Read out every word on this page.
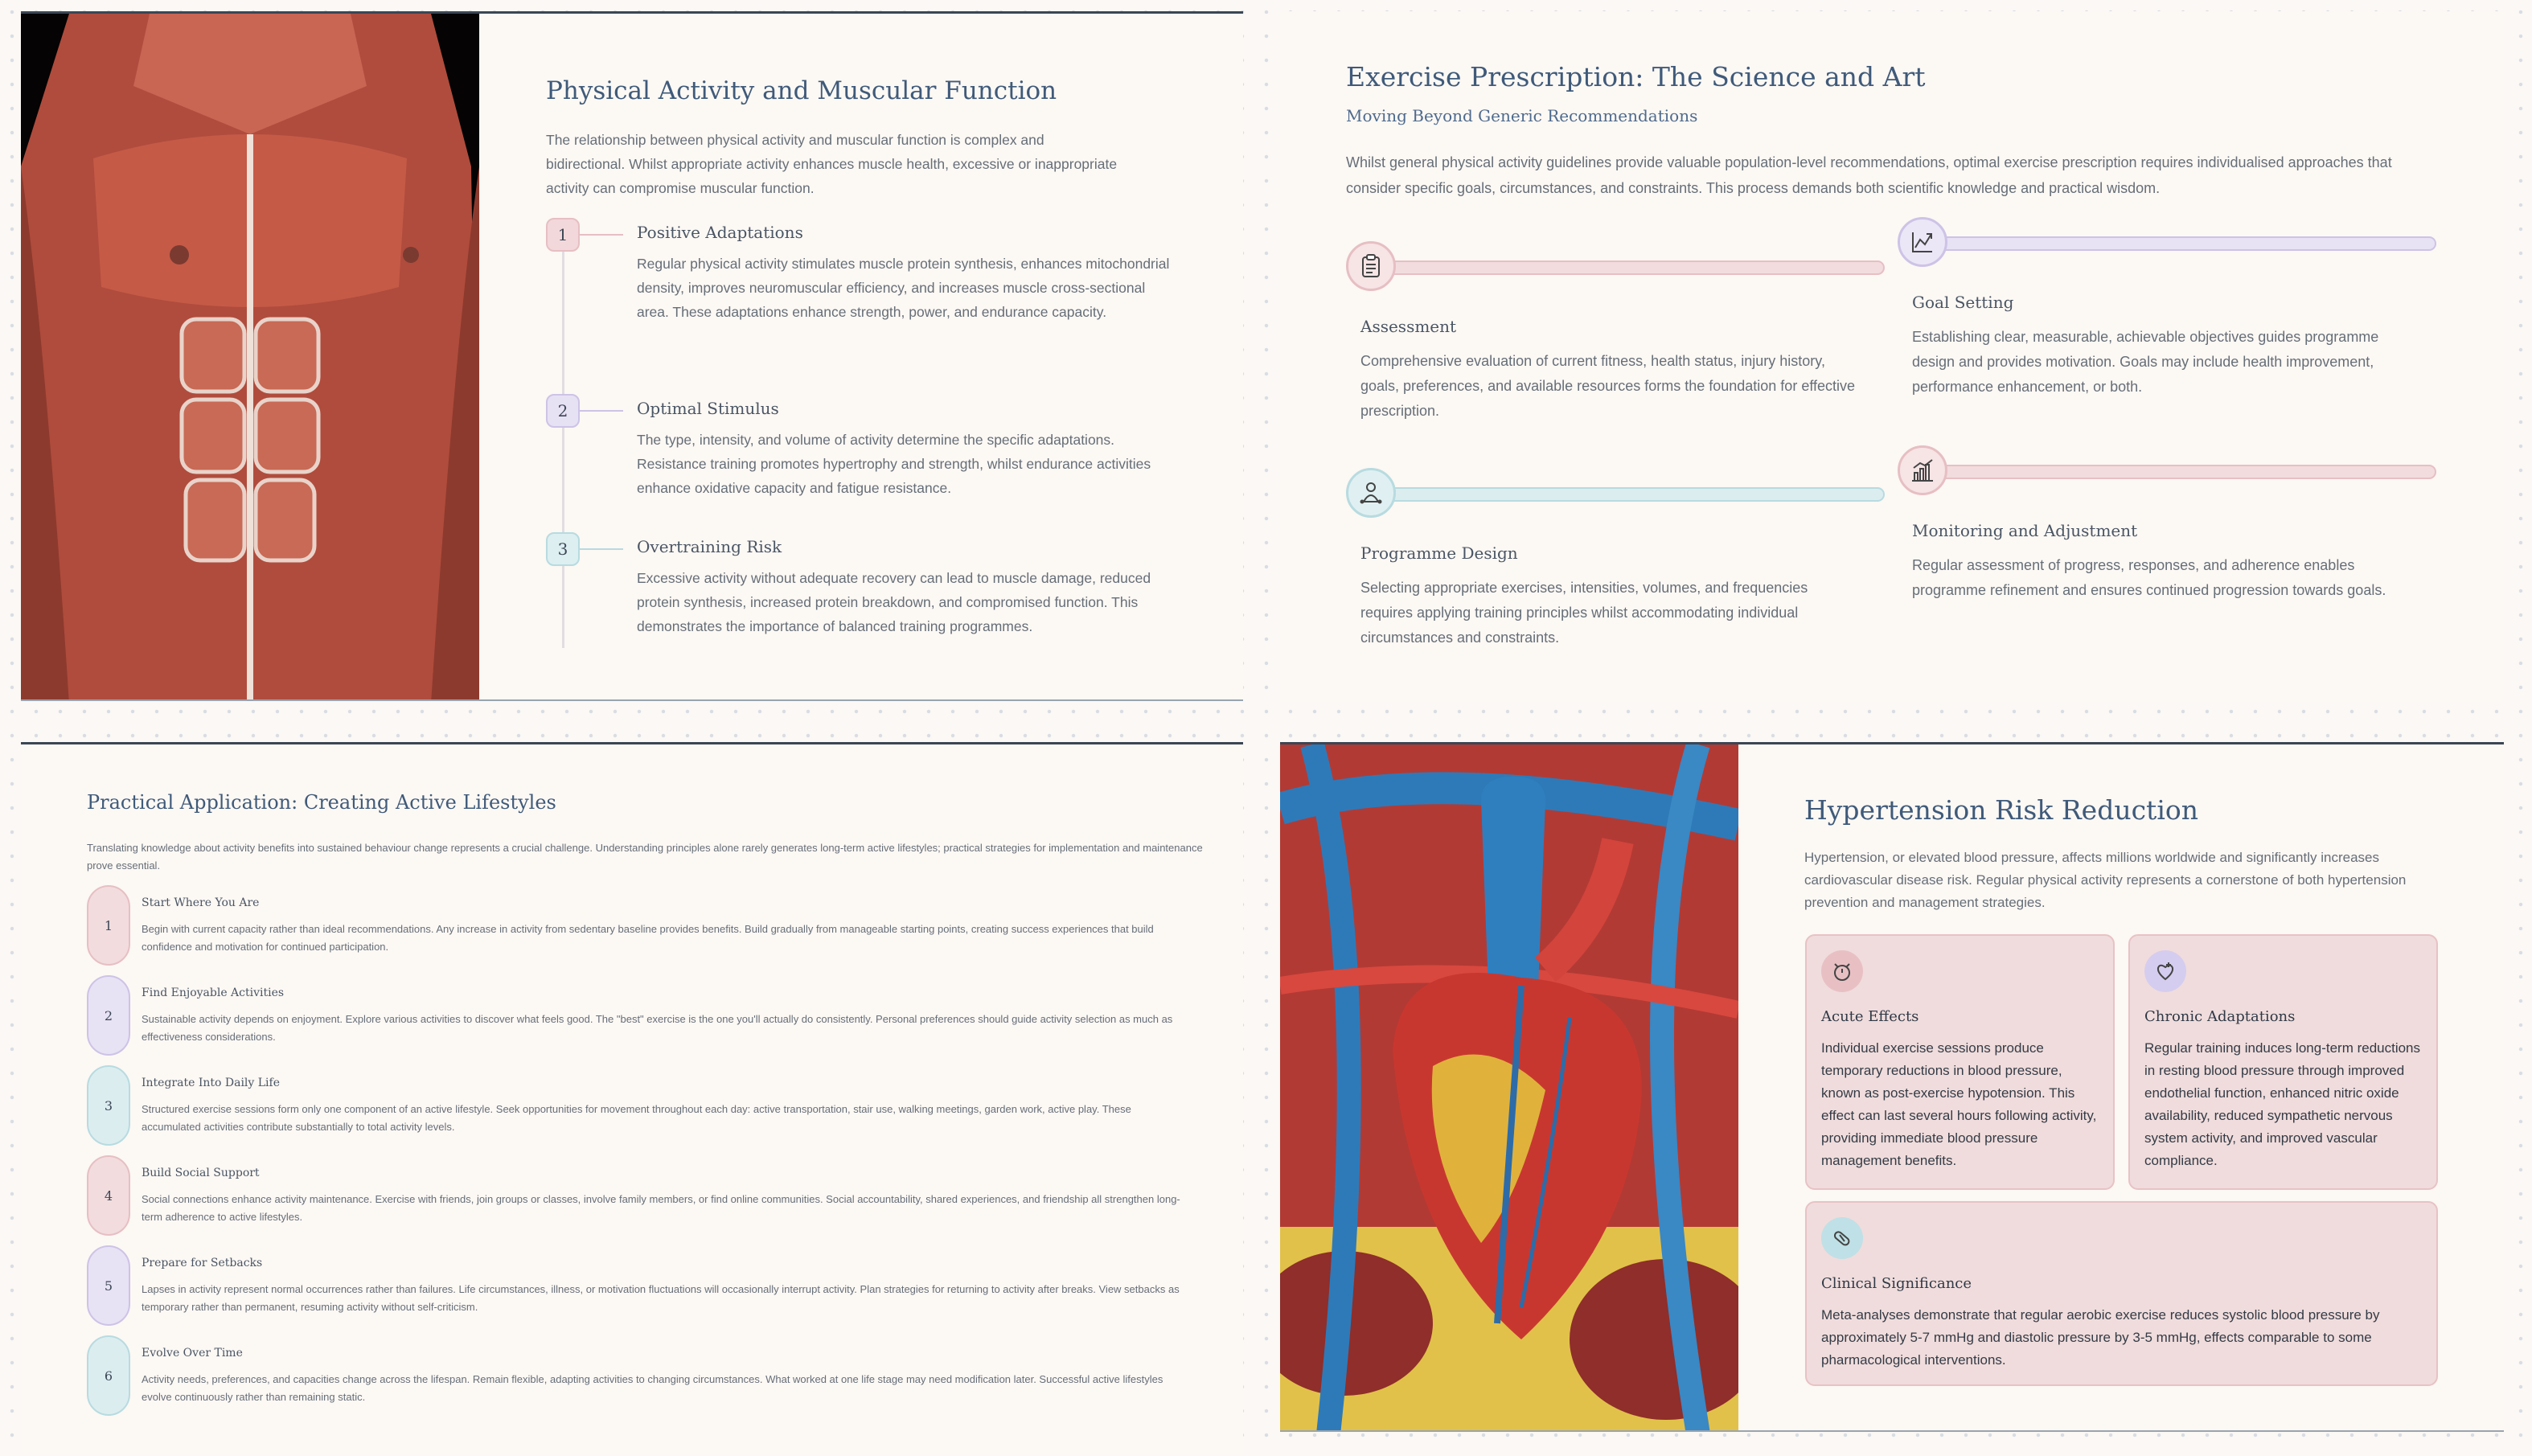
Physical Activity and Muscular Function

The relationship between physical activity and muscular function is complex and bidirectional. Whilst appropriate activity enhances muscle health, excessive or inappropriate activity can compromise muscular function.

1	Positive Adaptations

Regular physical activity stimulates muscle protein synthesis, enhances mitochondrial density, improves neuromuscular efficiency, and increases muscle cross-sectional area. These adaptations enhance strength, power, and endurance capacity.

2	Optimal Stimulus

The type, intensity, and volume of activity determine the specific adaptations. Resistance training promotes hypertrophy and strength, whilst endurance activities enhance oxidative capacity and fatigue resistance.

3	Overtraining Risk

Excessive activity without adequate recovery can lead to muscle damage, reduced protein synthesis, increased protein breakdown, and compromised function. This demonstrates the importance of balanced training programmes.

Exercise Prescription: The Science and Art
Moving Beyond Generic Recommendations

Whilst general physical activity guidelines provide valuable population-level recommendations, optimal exercise prescription requires individualised approaches that consider specific goals, circumstances, and constraints. This process demands both scientific knowledge and practical wisdom.

Assessment

Comprehensive evaluation of current fitness, health status, injury history, goals, preferences, and available resources forms the foundation for effective prescription.

Goal Setting

Establishing clear, measurable, achievable objectives guides programme design and provides motivation. Goals may include health improvement, performance enhancement, or both.

Programme Design

Selecting appropriate exercises, intensities, volumes, and frequencies requires applying training principles whilst accommodating individual circumstances and constraints.

Monitoring and Adjustment

Regular assessment of progress, responses, and adherence enables programme refinement and ensures continued progression towards goals.

Practical Application: Creating Active Lifestyles

Translating knowledge about activity benefits into sustained behaviour change represents a crucial challenge. Understanding principles alone rarely generates long-term active lifestyles; practical strategies for implementation and maintenance prove essential.

1
Start Where You Are

Begin with current capacity rather than ideal recommendations. Any increase in activity from sedentary baseline provides benefits. Build gradually from manageable starting points, creating success experiences that build confidence and motivation for continued participation.

2
Find Enjoyable Activities

Sustainable activity depends on enjoyment. Explore various activities to discover what feels good. The "best" exercise is the one you'll actually do consistently. Personal preferences should guide activity selection as much as effectiveness considerations.

3
Integrate Into Daily Life

Structured exercise sessions form only one component of an active lifestyle. Seek opportunities for movement throughout each day: active transportation, stair use, walking meetings, garden work, active play. These accumulated activities contribute substantially to total activity levels.

4
Build Social Support

Social connections enhance activity maintenance. Exercise with friends, join groups or classes, involve family members, or find online communities. Social accountability, shared experiences, and friendship all strengthen long-term adherence to active lifestyles.

5
Prepare for Setbacks

Lapses in activity represent normal occurrences rather than failures. Life circumstances, illness, or motivation fluctuations will occasionally interrupt activity. Plan strategies for returning to activity after breaks. View setbacks as temporary rather than permanent, resuming activity without self-criticism.

6
Evolve Over Time

Activity needs, preferences, and capacities change across the lifespan. Remain flexible, adapting activities to changing circumstances. What worked at one life stage may need modification later. Successful active lifestyles evolve continuously rather than remaining static.

Hypertension Risk Reduction

Hypertension, or elevated blood pressure, affects millions worldwide and significantly increases cardiovascular disease risk. Regular physical activity represents a cornerstone of both hypertension prevention and management strategies.

Acute Effects

Individual exercise sessions produce temporary reductions in blood pressure, known as post-exercise hypotension. This effect can last several hours following activity, providing immediate blood pressure management benefits.

Chronic Adaptations

Regular training induces long-term reductions in resting blood pressure through improved endothelial function, enhanced nitric oxide availability, reduced sympathetic nervous system activity, and improved vascular compliance.

Clinical Significance

Meta-analyses demonstrate that regular aerobic exercise reduces systolic blood pressure by approximately 5-7 mmHg and diastolic pressure by 3-5 mmHg, effects comparable to some pharmacological interventions.
